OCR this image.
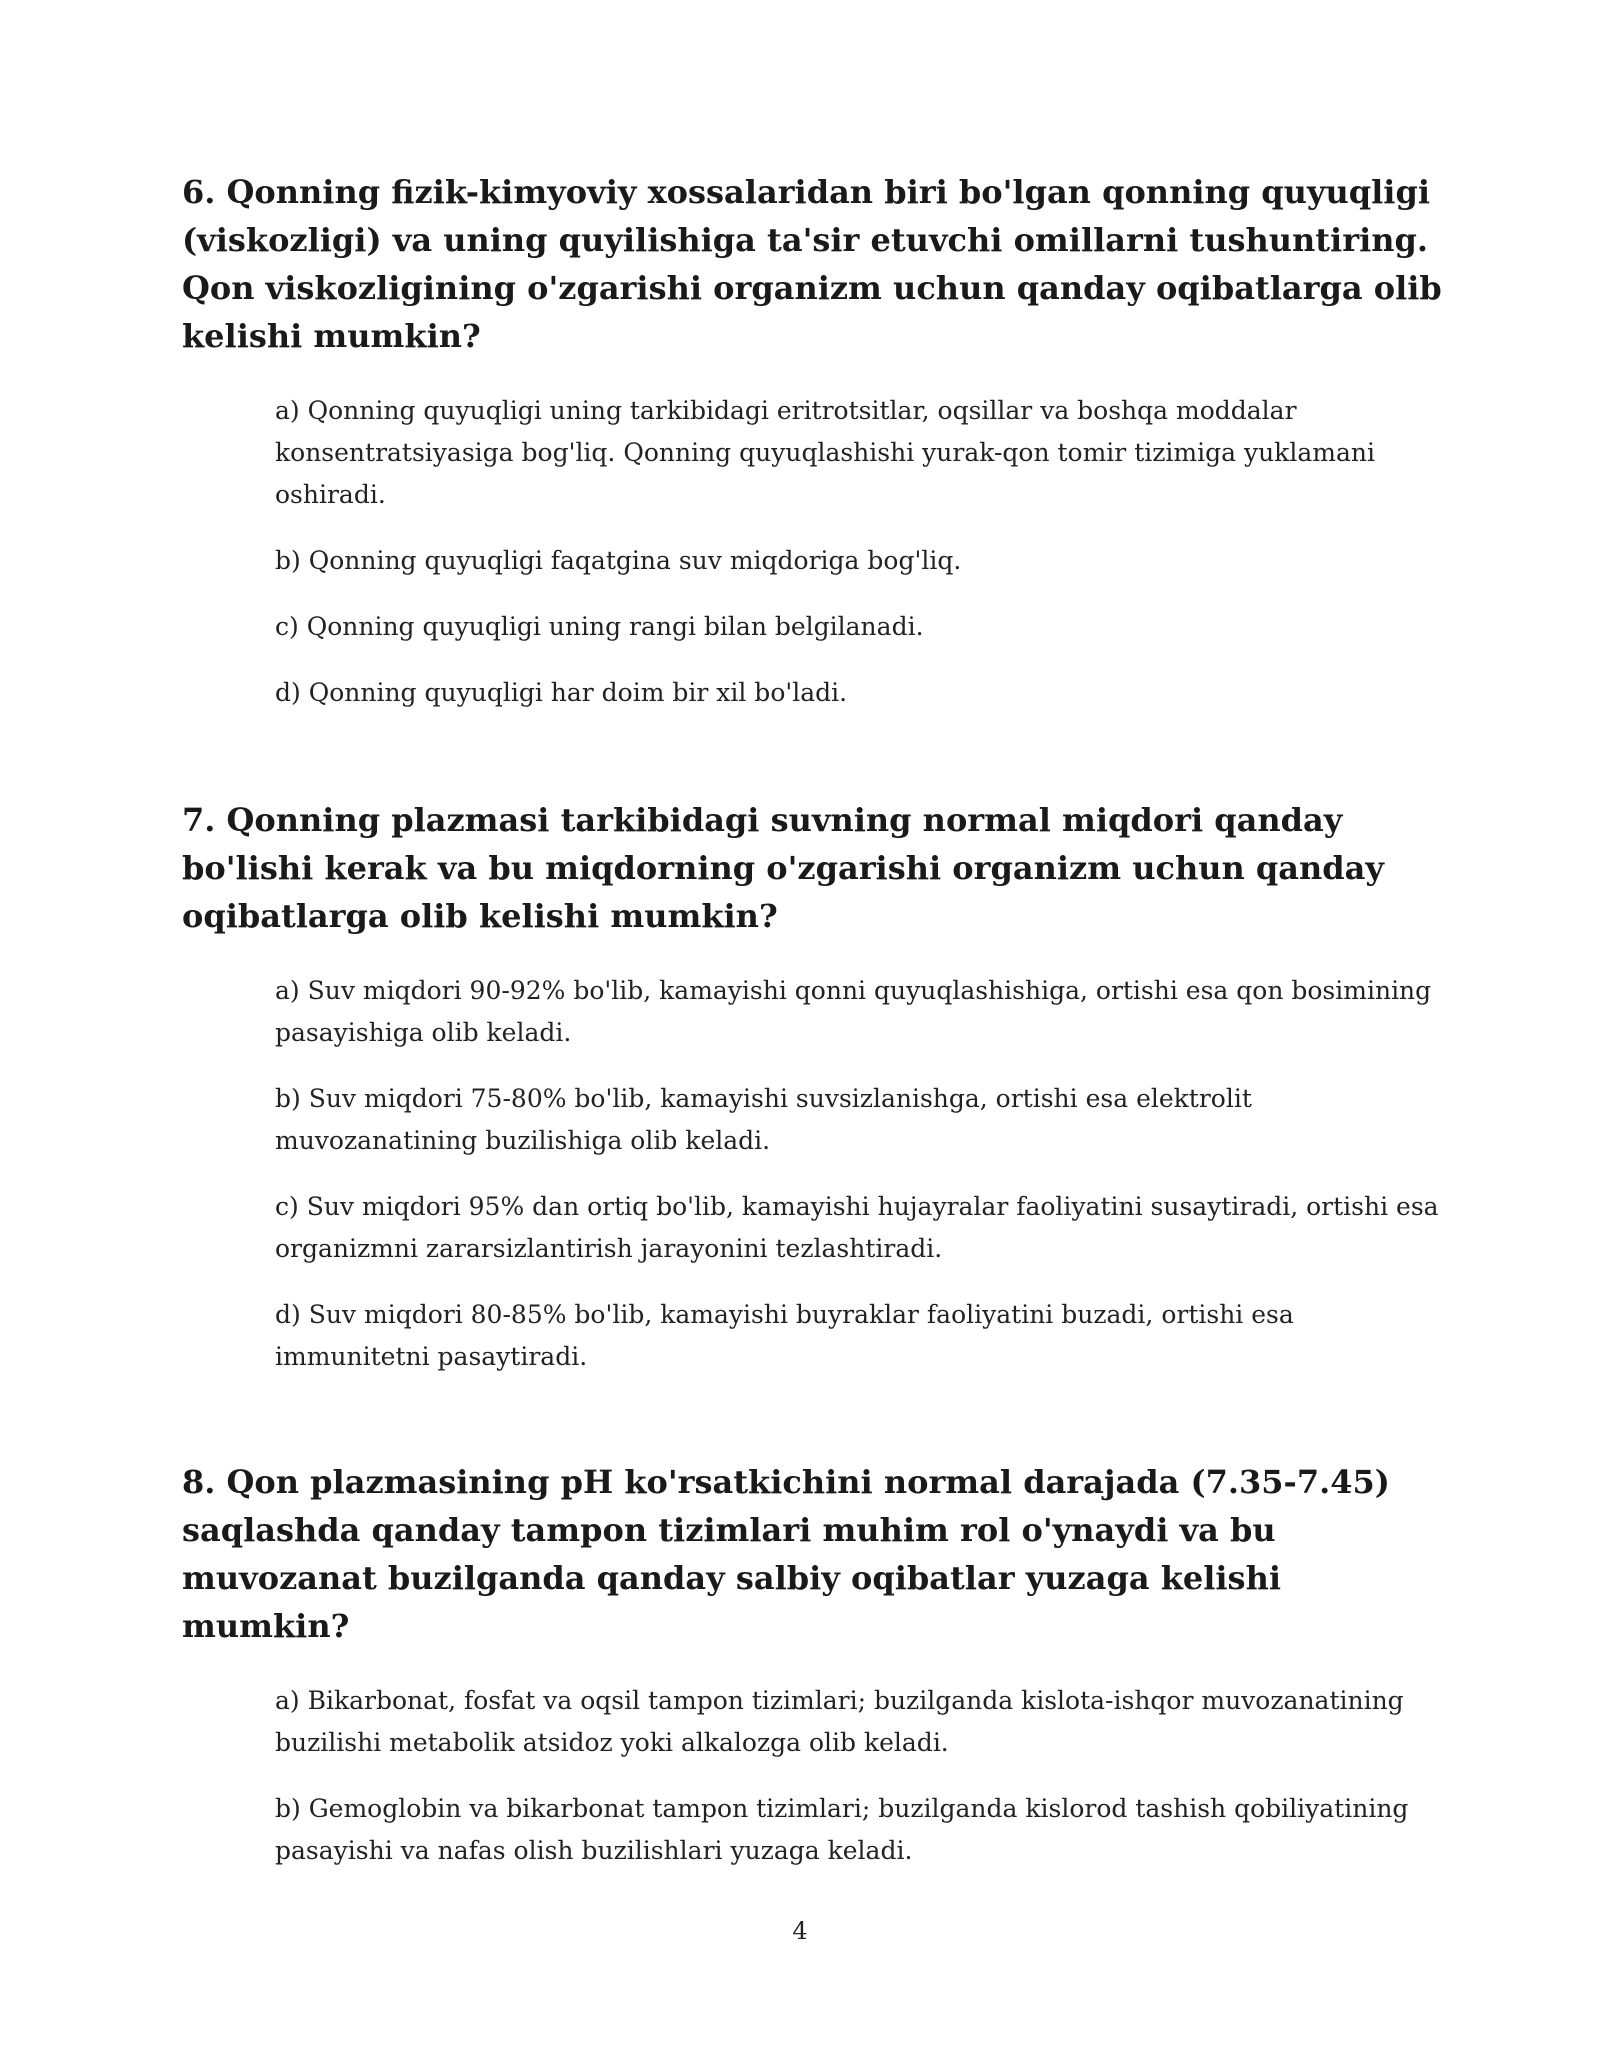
6. Qonning fizik-kimyoviy xossalaridan biri bo'lgan qonning quyuqligi (viskozligi) va uning quyilishiga ta'sir etuvchi omillarni tushuntiring. Qon viskozligining o'zgarishi organizm uchun qanday oqibatlarga olib kelishi mumkin?

a) Qonning quyuqligi uning tarkibidagi eritrotsitlar, oqsillar va boshqa moddalar konsentratsiyasiga bog'liq. Qonning quyuqlashishi yurak-qon tomir tizimiga yuklamani oshiradi.

b) Qonning quyuqligi faqatgina suv miqdoriga bog'liq.

c) Qonning quyuqligi uning rangi bilan belgilanadi.

d) Qonning quyuqligi har doim bir xil bo'ladi.

7. Qonning plazmasi tarkibidagi suvning normal miqdori qanday bo'lishi kerak va bu miqdorning o'zgarishi organizm uchun qanday oqibatlarga olib kelishi mumkin?

a) Suv miqdori 90-92% bo'lib, kamayishi qonni quyuqlashishiga, ortishi esa qon bosimining pasayishiga olib keladi.

b) Suv miqdori 75-80% bo'lib, kamayishi suvsizlanishga, ortishi esa elektrolit muvozanatining buzilishiga olib keladi.

c) Suv miqdori 95% dan ortiq bo'lib, kamayishi hujayralar faoliyatini susaytiradi, ortishi esa organizmni zararsizlantirish jarayonini tezlashtiradi.

d) Suv miqdori 80-85% bo'lib, kamayishi buyraklar faoliyatini buzadi, ortishi esa immunitetni pasaytiradi.

8. Qon plazmasining pH ko'rsatkichini normal darajada (7.35-7.45) saqlashda qanday tampon tizimlari muhim rol o'ynaydi va bu muvozanat buzilganda qanday salbiy oqibatlar yuzaga kelishi mumkin?

a) Bikarbonat, fosfat va oqsil tampon tizimlari; buzilganda kislota-ishqor muvozanatining buzilishi metabolik atsidoz yoki alkalozga olib keladi.

b) Gemoglobin va bikarbonat tampon tizimlari; buzilganda kislorod tashish qobiliyatining pasayishi va nafas olish buzilishlari yuzaga keladi.

4
